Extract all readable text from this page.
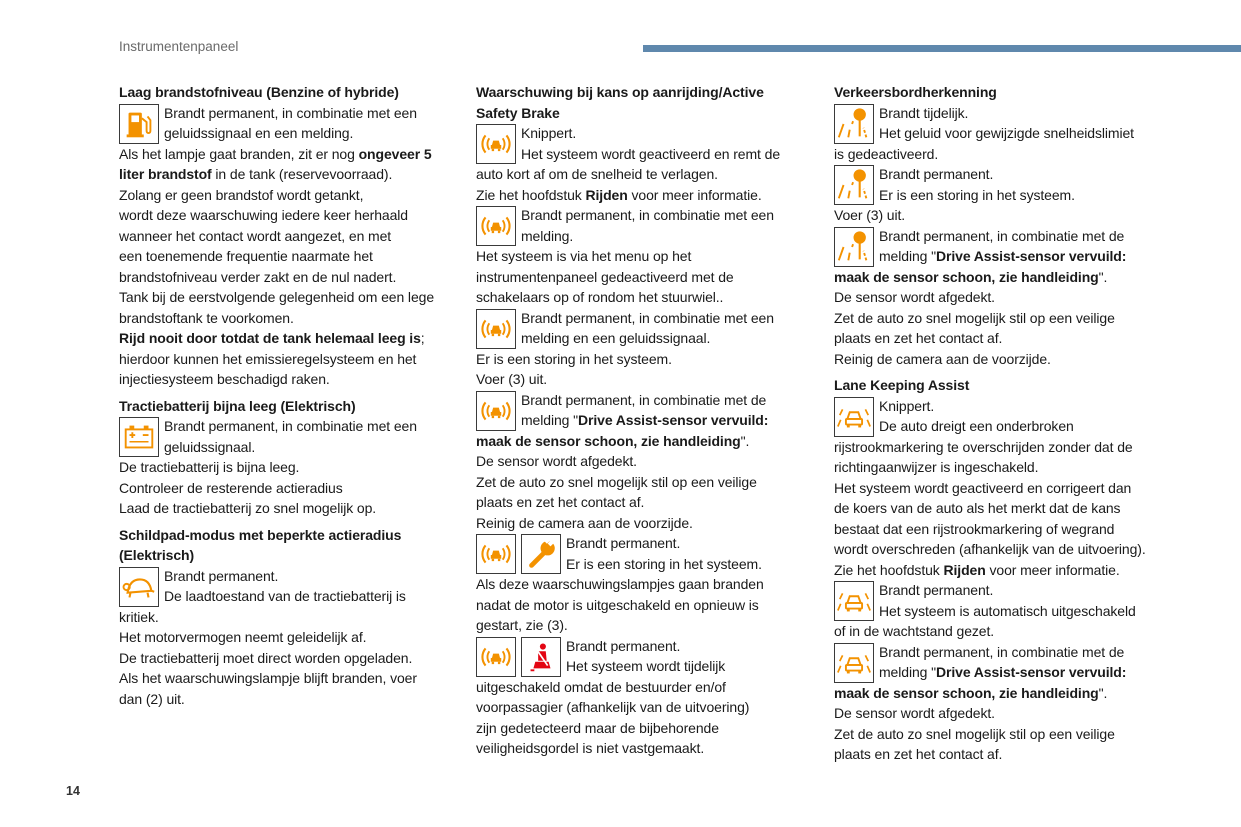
Instrumentenpaneel
Laag brandstofniveau (Benzine of hybride)
Brandt permanent, in combinatie met een
geluidssignaal en een melding.
Als het lampje gaat branden, zit er nog ongeveer 5
liter brandstof in de tank (reservevoorraad).
Zolang er geen brandstof wordt getankt,
wordt deze waarschuwing iedere keer herhaald
wanneer het contact wordt aangezet, en met
een toenemende frequentie naarmate het
brandstofniveau verder zakt en de nul nadert.
Tank bij de eerstvolgende gelegenheid om een lege
brandstoftank te voorkomen.
Rijd nooit door totdat de tank helemaal leeg is;
hierdoor kunnen het emissieregelsysteem en het
injectiesysteem beschadigd raken.
Tractiebatterij bijna leeg (Elektrisch)
Brandt permanent, in combinatie met een
geluidssignaal.
De tractiebatterij is bijna leeg.
Controleer de resterende actieradius
Laad de tractiebatterij zo snel mogelijk op.
Schildpad-modus met beperkte actieradius
(Elektrisch)
Brandt permanent.
De laadtoestand van de tractiebatterij is
kritiek.
Het motorvermogen neemt geleidelijk af.
De tractiebatterij moet direct worden opgeladen.
Als het waarschuwingslampje blijft branden, voer
dan (2) uit.
Waarschuwing bij kans op aanrijding/Active
Safety Brake
Knippert.
Het systeem wordt geactiveerd en remt de
auto kort af om de snelheid te verlagen.
Zie het hoofdstuk Rijden voor meer informatie.
Brandt permanent, in combinatie met een
melding.
Het systeem is via het menu op het
instrumentenpaneel gedeactiveerd met de
schakelaars op of rondom het stuurwiel..
Brandt permanent, in combinatie met een
melding en een geluidssignaal.
Er is een storing in het systeem.
Voer (3) uit.
Brandt permanent, in combinatie met de
melding "Drive Assist-sensor vervuild:
maak de sensor schoon, zie handleiding".
De sensor wordt afgedekt.
Zet de auto zo snel mogelijk stil op een veilige
plaats en zet het contact af.
Reinig de camera aan de voorzijde.
Brandt permanent.
Er is een storing in het systeem.
Als deze waarschuwingslampjes gaan branden
nadat de motor is uitgeschakeld en opnieuw is
gestart, zie (3).
Brandt permanent.
Het systeem wordt tijdelijk
uitgeschakeld omdat de bestuurder en/of
voorpassagier (afhankelijk van de uitvoering)
zijn gedetecteerd maar de bijbehorende
veiligheidsgordel is niet vastgemaakt.
Verkeersbordherkenning
Brandt tijdelijk.
Het geluid voor gewijzigde snelheidslimiet
is gedeactiveerd.
Brandt permanent.
Er is een storing in het systeem.
Voer (3) uit.
Brandt permanent, in combinatie met de
melding "Drive Assist-sensor vervuild:
maak de sensor schoon, zie handleiding".
De sensor wordt afgedekt.
Zet de auto zo snel mogelijk stil op een veilige
plaats en zet het contact af.
Reinig de camera aan de voorzijde.
Lane Keeping Assist
Knippert.
De auto dreigt een onderbroken
rijstrookmarkering te overschrijden zonder dat de
richtingaanwijzer is ingeschakeld.
Het systeem wordt geactiveerd en corrigeert dan
de koers van de auto als het merkt dat de kans
bestaat dat een rijstrookmarkering of wegrand
wordt overschreden (afhankelijk van de uitvoering).
Zie het hoofdstuk Rijden voor meer informatie.
Brandt permanent.
Het systeem is automatisch uitgeschakeld
of in de wachtstand gezet.
Brandt permanent, in combinatie met de
melding "Drive Assist-sensor vervuild:
maak de sensor schoon, zie handleiding".
De sensor wordt afgedekt.
Zet de auto zo snel mogelijk stil op een veilige
plaats en zet het contact af.
14
